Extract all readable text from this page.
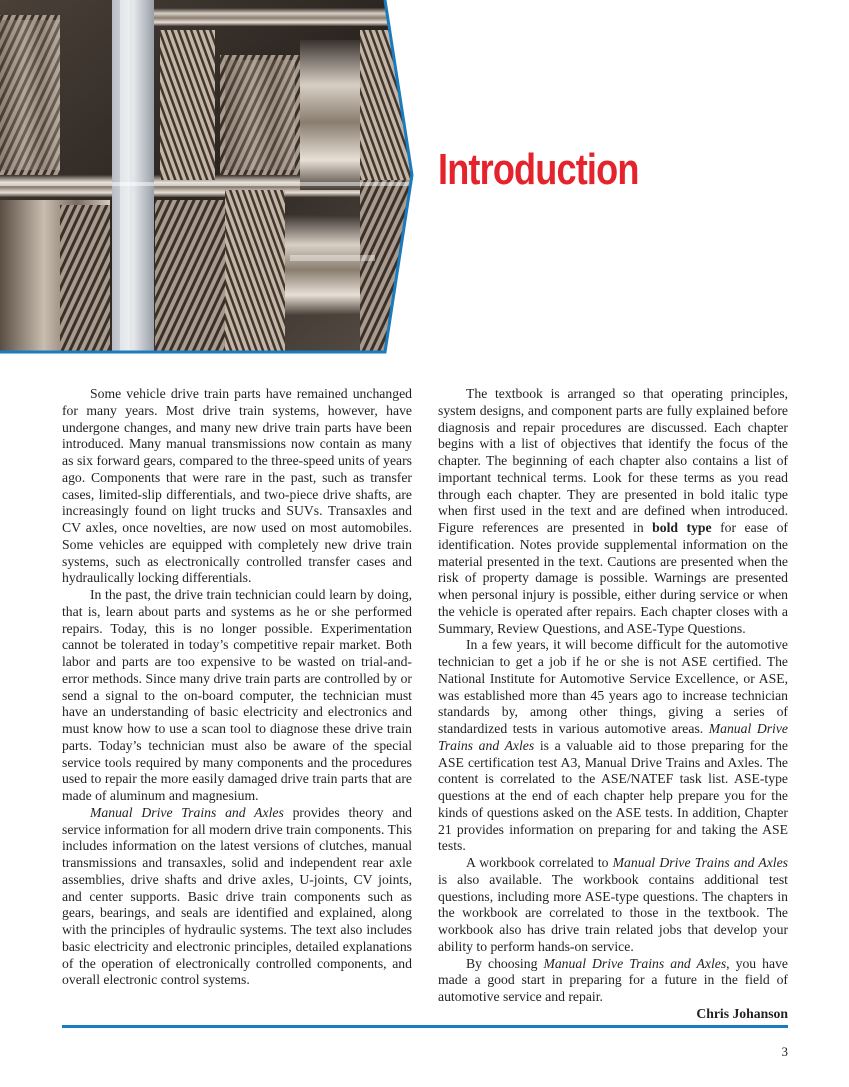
Introduction

Some vehicle drive train parts have remained unchanged for many years. Most drive train systems, however, have undergone changes, and many new drive train parts have been introduced. Many manual transmissions now contain as many as six forward gears, compared to the three-speed units of years ago. Components that were rare in the past, such as transfer cases, limited-slip differentials, and two-piece drive shafts, are increasingly found on light trucks and SUVs. Transaxles and CV axles, once novelties, are now used on most automobiles. Some vehicles are equipped with completely new drive train systems, such as electronically controlled transfer cases and hydraulically locking differentials.

In the past, the drive train technician could learn by doing, that is, learn about parts and systems as he or she performed repairs. Today, this is no longer possible. Experimentation cannot be tolerated in today’s competitive repair market. Both labor and parts are too expensive to be wasted on trial-and-error methods. Since many drive train parts are controlled by or send a signal to the on-board computer, the technician must have an understanding of basic electricity and electronics and must know how to use a scan tool to diagnose these drive train parts. Today’s technician must also be aware of the special service tools required by many components and the procedures used to repair the more easily damaged drive train parts that are made of aluminum and magnesium.

Manual Drive Trains and Axles provides theory and service information for all modern drive train components. This includes information on the latest versions of clutches, manual transmissions and transaxles, solid and independent rear axle assemblies, drive shafts and drive axles, U-joints, CV joints, and center supports. Basic drive train components such as gears, bearings, and seals are identified and explained, along with the principles of hydraulic systems. The text also includes basic electricity and electronic principles, detailed explanations of the operation of electronically controlled components, and overall electronic control systems.

The textbook is arranged so that operating principles, system designs, and component parts are fully explained before diagnosis and repair procedures are discussed. Each chapter begins with a list of objectives that identify the focus of the chapter. The beginning of each chapter also contains a list of important technical terms. Look for these terms as you read through each chapter. They are presented in bold italic type when first used in the text and are defined when introduced. Figure references are presented in bold type for ease of identification. Notes provide supplemental information on the material presented in the text. Cautions are presented when the risk of property damage is possible. Warnings are presented when personal injury is possible, either during service or when the vehicle is operated after repairs. Each chapter closes with a Summary, Review Questions, and ASE-Type Questions.

In a few years, it will become difficult for the automotive technician to get a job if he or she is not ASE certified. The National Institute for Automotive Service Excellence, or ASE, was established more than 45 years ago to increase technician standards by, among other things, giving a series of standardized tests in various automotive areas. Manual Drive Trains and Axles is a valuable aid to those preparing for the ASE certification test A3, Manual Drive Trains and Axles. The content is correlated to the ASE/NATEF task list. ASE-type questions at the end of each chapter help prepare you for the kinds of questions asked on the ASE tests. In addition, Chapter 21 provides information on preparing for and taking the ASE tests.

A workbook correlated to Manual Drive Trains and Axles is also available. The workbook contains additional test questions, including more ASE-type questions. The chapters in the workbook are correlated to those in the textbook. The workbook also has drive train related jobs that develop your ability to perform hands-on service.

By choosing Manual Drive Trains and Axles, you have made a good start in preparing for a future in the field of automotive service and repair.

Chris Johanson

3
